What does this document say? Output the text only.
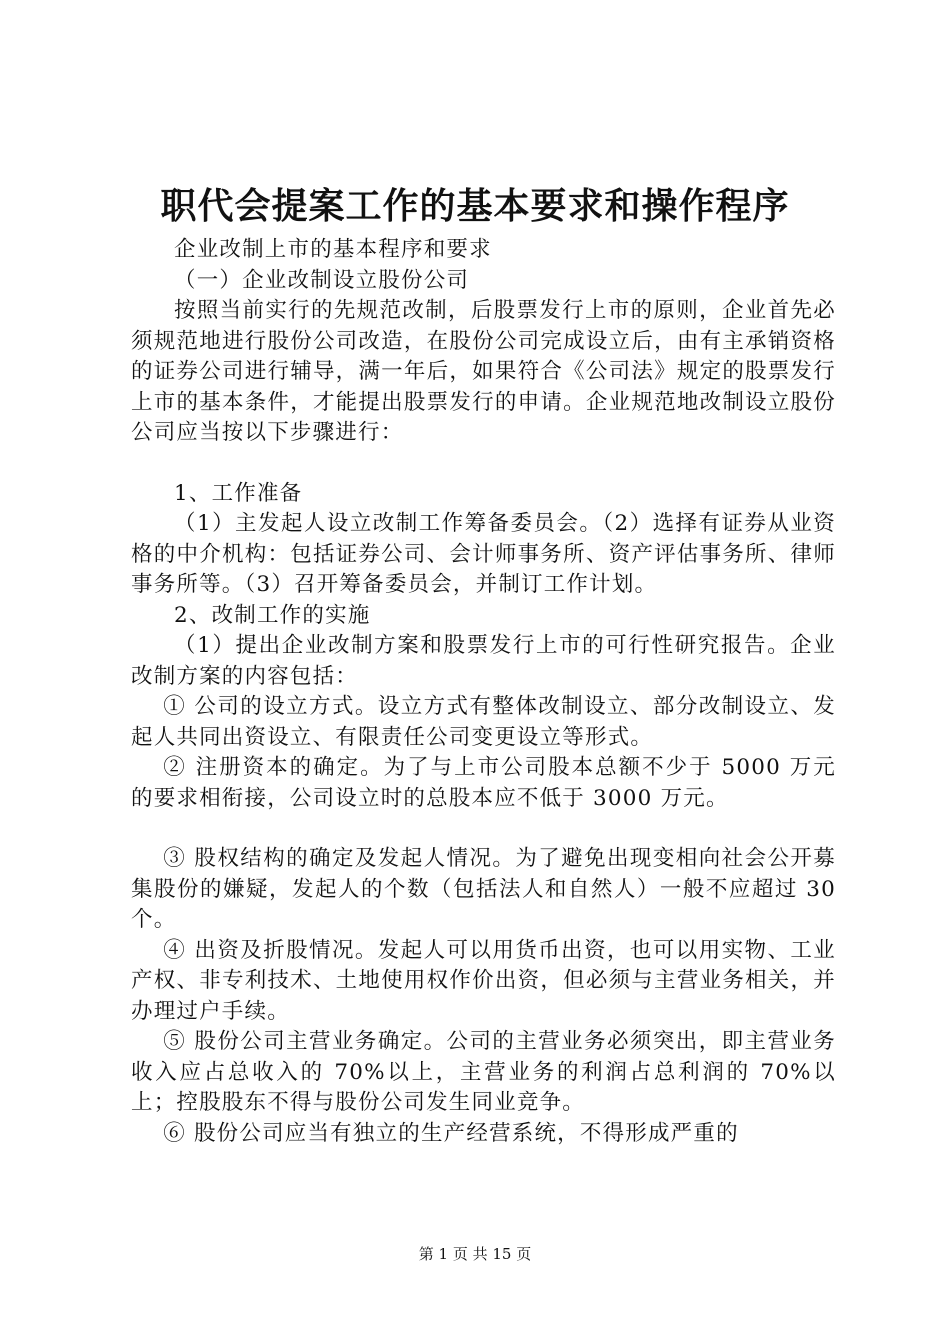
职代会提案工作的基本要求和操作程序

企业改制上市的基本程序和要求

（一）企业改制设立股份公司

按照当前实行的先规范改制，后股票发行上市的原则，企业首先必须规范地进行股份公司改造，在股份公司完成设立后，由有主承销资格的证券公司进行辅导，满一年后，如果符合《公司法》规定的股票发行上市的基本条件，才能提出股票发行的申请。企业规范地改制设立股份公司应当按以下步骤进行：

1、工作准备

（1）主发起人设立改制工作筹备委员会。（2）选择有证券从业资格的中介机构：包括证券公司、会计师事务所、资产评估事务所、律师事务所等。（3）召开筹备委员会，并制订工作计划。

2、改制工作的实施

（1）提出企业改制方案和股票发行上市的可行性研究报告。企业改制方案的内容包括：

① 公司的设立方式。设立方式有整体改制设立、部分改制设立、发起人共同出资设立、有限责任公司变更设立等形式。

② 注册资本的确定。为了与上市公司股本总额不少于 5000 万元的要求相衔接，公司设立时的总股本应不低于 3000 万元。

③ 股权结构的确定及发起人情况。为了避免出现变相向社会公开募集股份的嫌疑，发起人的个数（包括法人和自然人）一般不应超过 30 个。

④ 出资及折股情况。发起人可以用货币出资，也可以用实物、工业产权、非专利技术、土地使用权作价出资，但必须与主营业务相关，并办理过户手续。

⑤ 股份公司主营业务确定。公司的主营业务必须突出，即主营业务收入应占总收入的 70%以上，主营业务的利润占总利润的 70%以上；控股股东不得与股份公司发生同业竞争。

⑥ 股份公司应当有独立的生产经营系统，不得形成严重的

第 1 页 共 15 页
